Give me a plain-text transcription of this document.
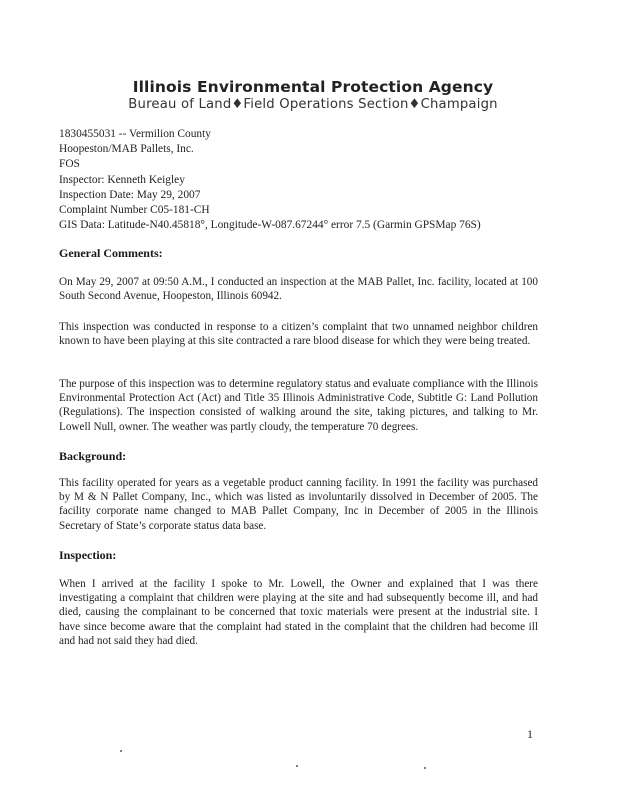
Illinois Environmental Protection Agency
Bureau of Land♦Field Operations Section♦Champaign
1830455031 -- Vermilion County
Hoopeston/MAB Pallets, Inc.
FOS
Inspector: Kenneth Keigley
Inspection Date: May 29, 2007
Complaint Number C05-181-CH
GIS Data: Latitude-N40.45818°, Longitude-W-087.67244° error 7.5 (Garmin GPSMap 76S)
General Comments:
On May 29, 2007 at 09:50 A.M., I conducted an inspection at the MAB Pallet, Inc. facility, located at 100 South Second Avenue, Hoopeston, Illinois 60942.
This inspection was conducted in response to a citizen’s complaint that two unnamed neighbor children known to have been playing at this site contracted a rare blood disease for which they were being treated.
The purpose of this inspection was to determine regulatory status and evaluate compliance with the Illinois Environmental Protection Act (Act) and Title 35 Illinois Administrative Code, Subtitle G: Land Pollution (Regulations). The inspection consisted of walking around the site, taking pictures, and talking to Mr. Lowell Null, owner. The weather was partly cloudy, the temperature 70 degrees.
Background:
This facility operated for years as a vegetable product canning facility. In 1991 the facility was purchased by M & N Pallet Company, Inc., which was listed as involuntarily dissolved in December of 2005. The facility corporate name changed to MAB Pallet Company, Inc in December of 2005 in the Illinois Secretary of State’s corporate status data base.
Inspection:
When I arrived at the facility I spoke to Mr. Lowell, the Owner and explained that I was there investigating a complaint that children were playing at the site and had subsequently become ill, and had died, causing the complainant to be concerned that toxic materials were present at the industrial site. I have since become aware that the complaint had stated in the complaint that the children had become ill and had not said they had died.
1
